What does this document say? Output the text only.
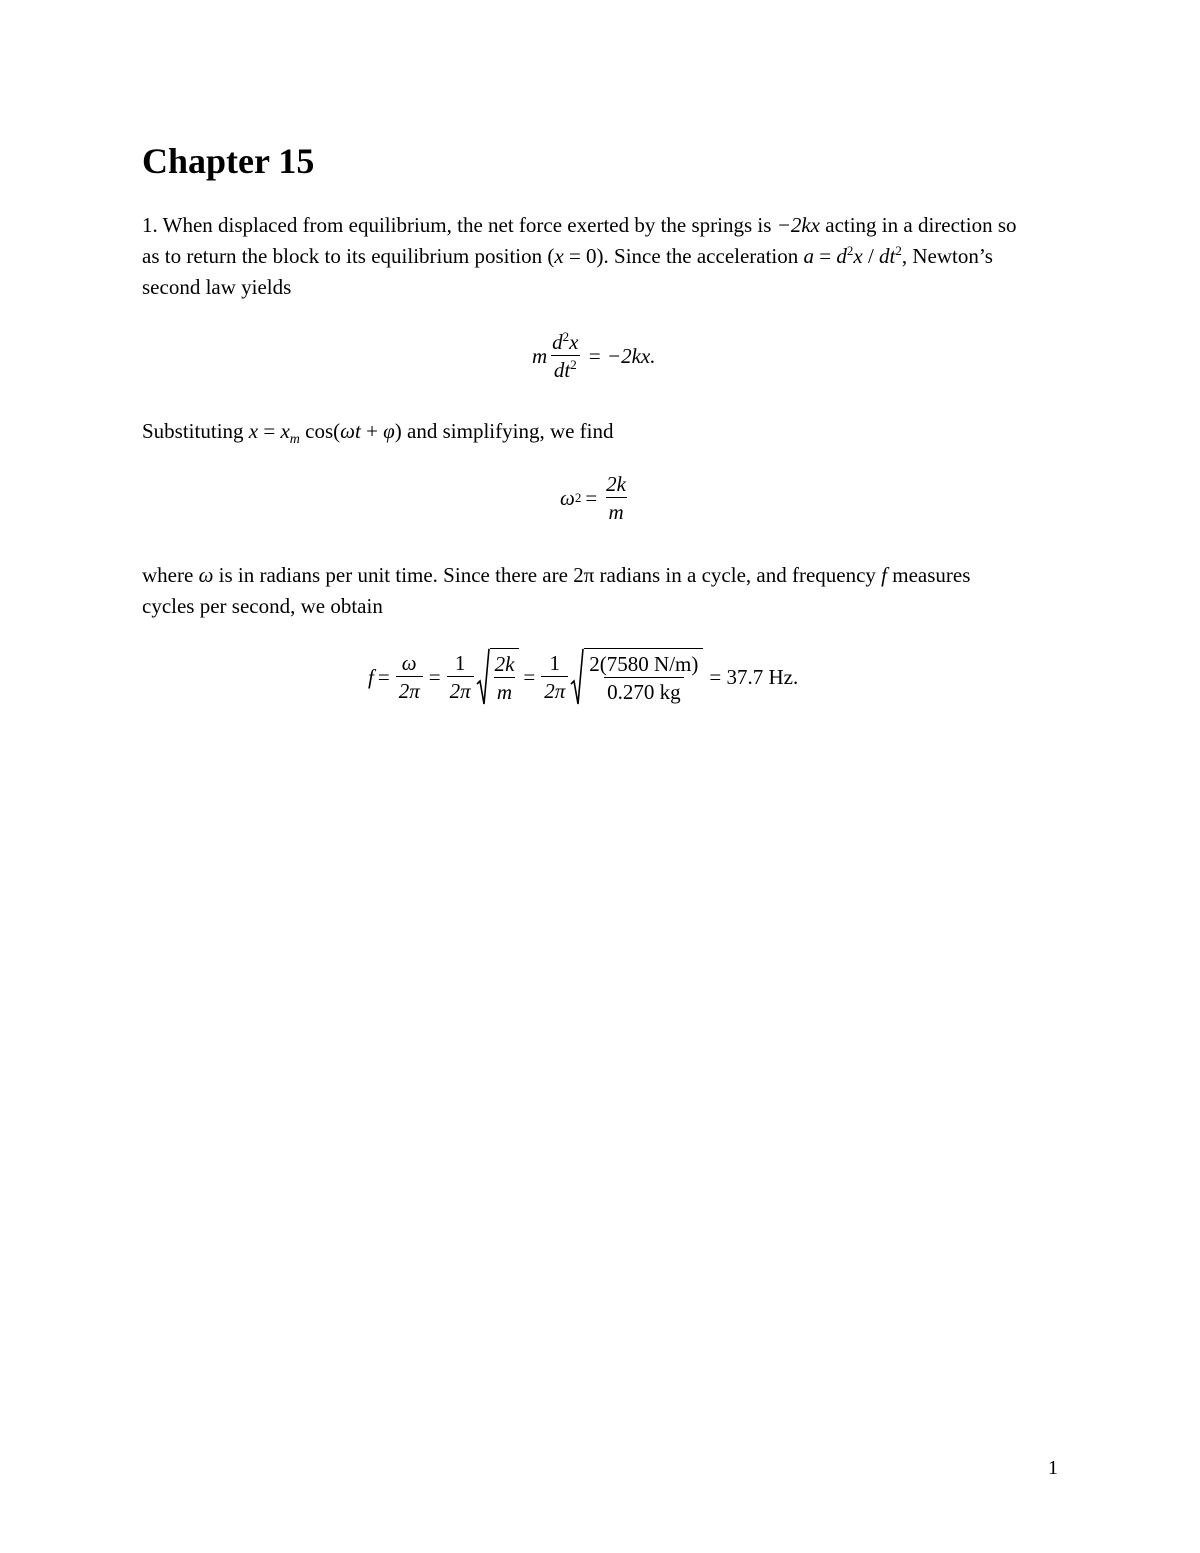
Chapter 15

1. When displaced from equilibrium, the net force exerted by the springs is −2kx acting in a direction so as to return the block to its equilibrium position (x = 0). Since the acceleration $a = d^2x / dt^2$, Newton’s second law yields

m $\frac{d^2x}{dt^2} = -2kx$.

Substituting $x = x_m$ cos(ωt + φ) and simplifying, we find

ω $2 = \frac{2k}{m}$

where ω is in radians per unit time. Since there are 2π radians in a cycle, and frequency f measures cycles per second, we obtain

$f = \frac{\omega}{2\pi} = \frac{1}{2\pi} \frac{2k}{m} = \frac{1}{2\pi} \frac{2(7580 N/m)}{0.270 kg} = 37.7$ Hz.
1
